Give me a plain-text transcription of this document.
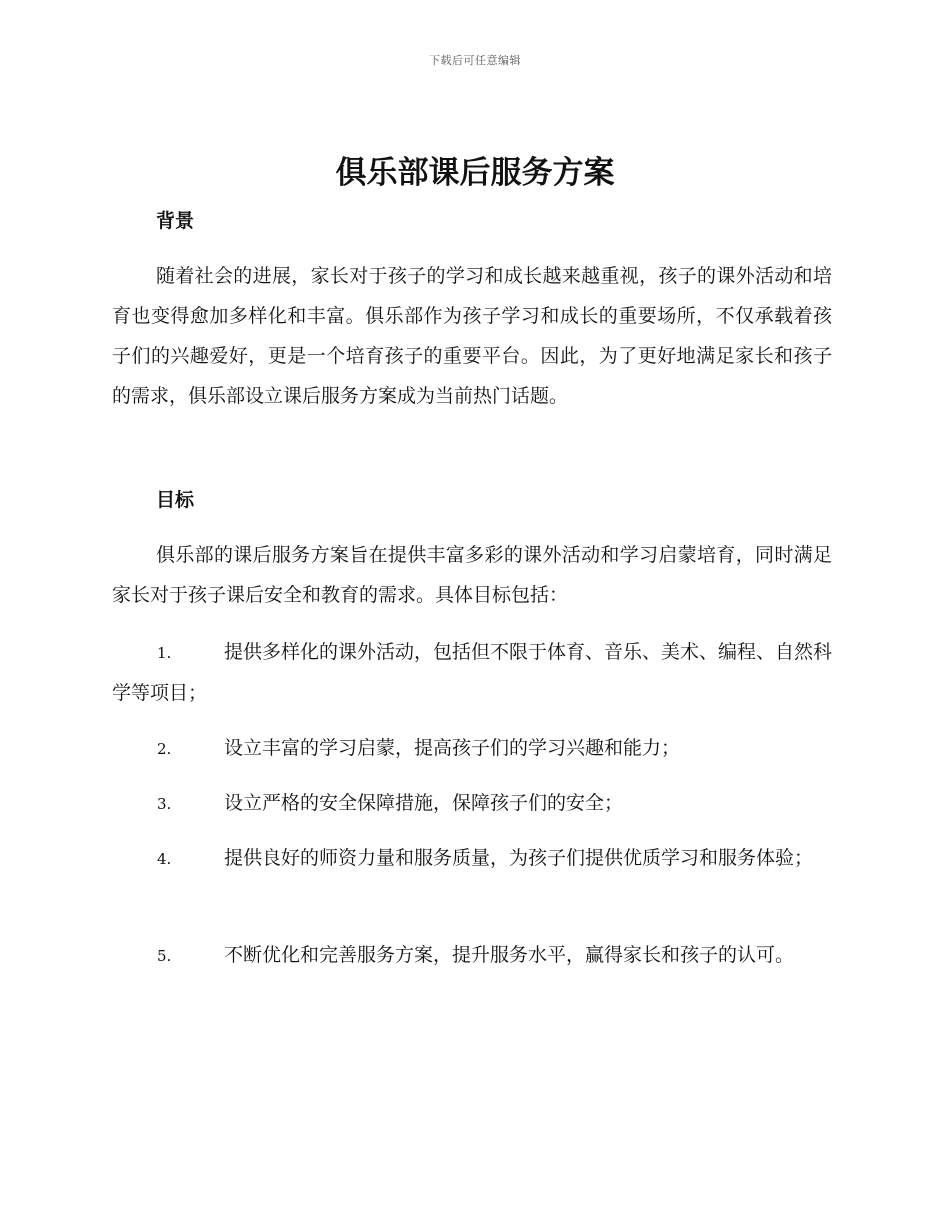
下载后可任意编辑
俱乐部课后服务方案
背景

随着社会的进展，家长对于孩子的学习和成长越来越重视，孩子的课外活动和培育也变得愈加多样化和丰富。俱乐部作为孩子学习和成长的重要场所，不仅承载着孩子们的兴趣爱好，更是一个培育孩子的重要平台。因此，为了更好地满足家长和孩子的需求，俱乐部设立课后服务方案成为当前热门话题。

目标

俱乐部的课后服务方案旨在提供丰富多彩的课外活动和学习启蒙培育，同时满足家长对于孩子课后安全和教育的需求。具体目标包括：

1.	提供多样化的课外活动，包括但不限于体育、音乐、美术、编程、自然科学等项目；
2.	设立丰富的学习启蒙，提高孩子们的学习兴趣和能力；
3.	设立严格的安全保障措施，保障孩子们的安全；
4.	提供良好的师资力量和服务质量，为孩子们提供优质学习和服务体验；
5.	不断优化和完善服务方案，提升服务水平，赢得家长和孩子的认可。
